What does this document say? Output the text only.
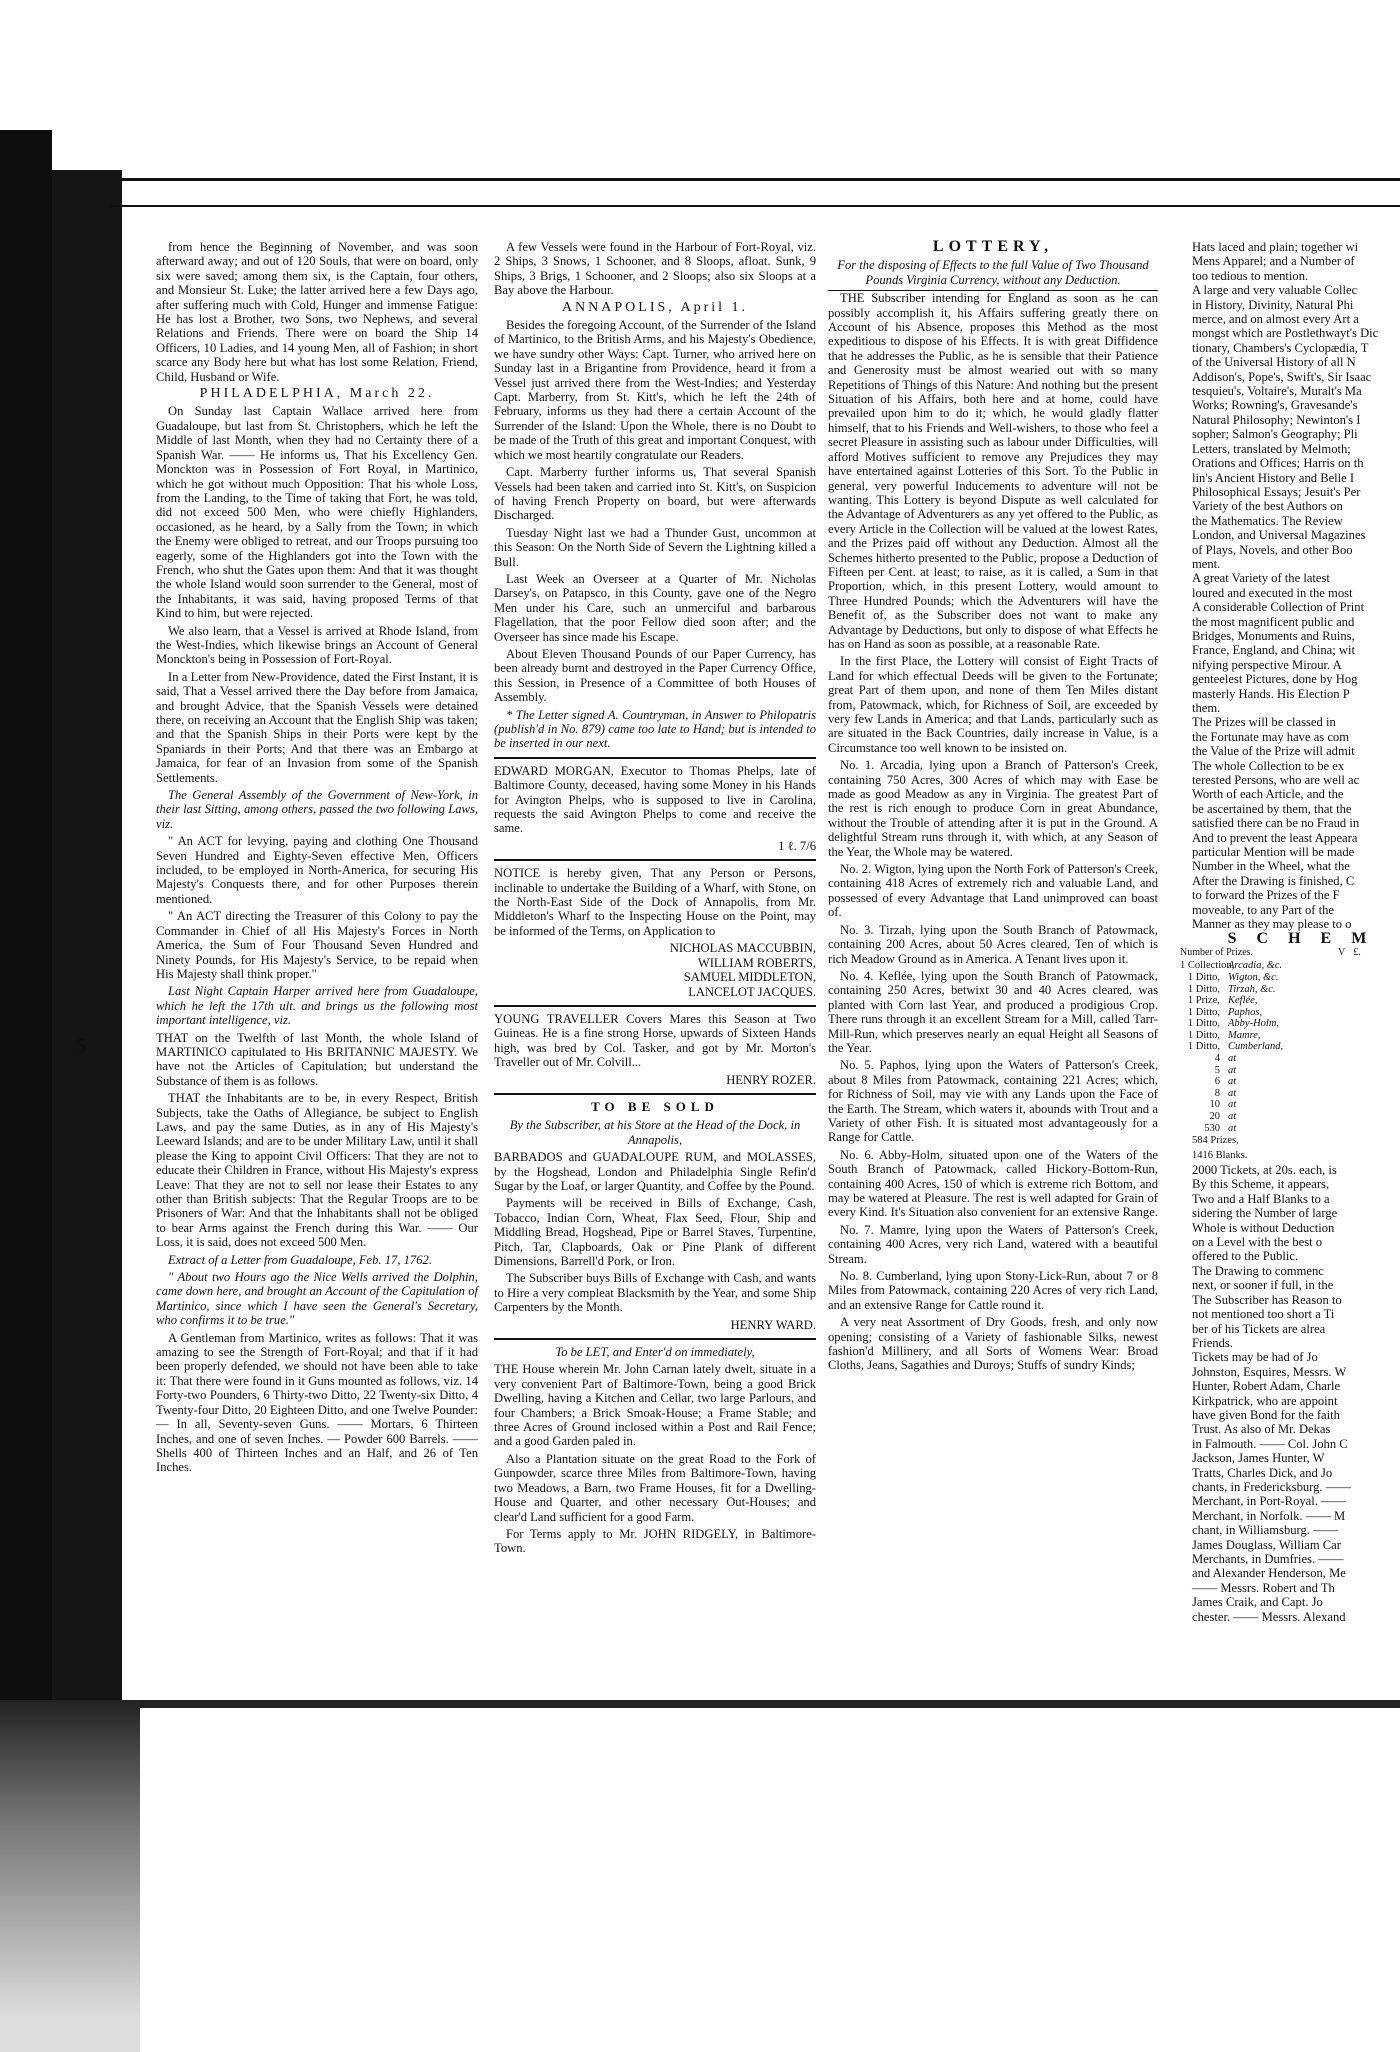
from hence the Beginning of November, and was soon afterward away; and out of 120 Souls, that were on board, only six were saved; among them six, is the Captain, four others, and Monsieur St. Luke; the latter arrived here a few Days ago, after suffering much with Cold, Hunger and immense Fatigue: He has lost a Brother, two Sons, two Nephews, and several Relations and Friends. There were on board the Ship 14 Officers, 10 Ladies, and 14 young Men, all of Fashion; in short scarce any Body here but what has lost some Relation, Friend, Child, Husband or Wife.

PHILADELPHIA, March 22.

On Sunday last Captain Wallace arrived here from Guadaloupe, but last from St. Christophers, which he left the Middle of last Month, when they had no Certainty there of a Spanish War. —— He informs us, That his Excellency Gen. Monckton was in Possession of Fort Royal, in Martinico, which he got without much Opposition: That his whole Loss, from the Landing, to the Time of taking that Fort, he was told, did not exceed 500 Men, who were chiefly Highlanders, occasioned, as he heard, by a Sally from the Town; in which the Enemy were obliged to retreat, and our Troops pursuing too eagerly, some of the Highlanders got into the Town with the French, who shut the Gates upon them: And that it was thought the whole Island would soon surrender to the General, most of the Inhabitants, it was said, having proposed Terms of that Kind to him, but were rejected.

We also learn, that a Vessel is arrived at Rhode Island, from the West-Indies, which likewise brings an Account of General Monckton's being in Possession of Fort-Royal.

In a Letter from New-Providence, dated the First Instant, it is said, That a Vessel arrived there the Day before from Jamaica, and brought Advice, that the Spanish Vessels were detained there, on receiving an Account that the English Ship was taken; and that the Spanish Ships in their Ports were kept by the Spaniards in their Ports; And that there was an Embargo at Jamaica, for fear of an Invasion from some of the Spanish Settlements.

The General Assembly of the Government of New-York, in their last Sitting, among others, passed the two following Laws, viz.

" An ACT for levying, paying and clothing One Thousand Seven Hundred and Eighty-Seven effective Men, Officers included, to be employed in North-America, for securing His Majesty's Conquests there, and for other Purposes therein mentioned.

" An ACT directing the Treasurer of this Colony to pay the Commander in Chief of all His Majesty's Forces in North America, the Sum of Four Thousand Seven Hundred and Ninety Pounds, for His Majesty's Service, to be repaid when His Majesty shall think proper."

Last Night Captain Harper arrived here from Guadaloupe, which he left the 17th ult. and brings us the following most important intelligence, viz.

THAT on the Twelfth of last Month, the whole Island of MARTINICO capitulated to His BRITANNIC MAJESTY. We have not the Articles of Capitulation; but understand the Substance of them is as follows.

THAT the Inhabitants are to be, in every Respect, British Subjects, take the Oaths of Allegiance, be subject to English Laws, and pay the same Duties, as in any of His Majesty's Leeward Islands; and are to be under Military Law, until it shall please the King to appoint Civil Officers: That they are not to educate their Children in France, without His Majesty's express Leave: That they are not to sell nor lease their Estates to any other than British subjects: That the Regular Troops are to be Prisoners of War: And that the Inhabitants shall not be obliged to bear Arms against the French during this War. —— Our Loss, it is said, does not exceed 500 Men.

Extract of a Letter from Guadaloupe, Feb. 17, 1762.

" About two Hours ago the Nice Wells arrived the Dolphin, came down here, and brought an Account of the Capitulation of Martinico, since which I have seen the General's Secretary, who confirms it to be true."

A Gentleman from Martinico, writes as follows: That it was amazing to see the Strength of Fort-Royal; and that if it had been properly defended, we should not have been able to take it: That there were found in it Guns mounted as follows, viz. 14 Forty-two Pounders, 6 Thirty-two Ditto, 22 Twenty-six Ditto, 4 Twenty-four Ditto, 20 Eighteen Ditto, and one Twelve Pounder: — In all, Seventy-seven Guns. —— Mortars, 6 Thirteen Inches, and one of seven Inches. — Powder 600 Barrels. —— Shells 400 of Thirteen Inches and an Half, and 26 of Ten Inches.

A few Vessels were found in the Harbour of Fort-Royal, viz. 2 Ships, 3 Snows, 1 Schooner, and 8 Sloops, afloat. Sunk, 9 Ships, 3 Brigs, 1 Schooner, and 2 Sloops; also six Sloops at a Bay above the Harbour.

ANNAPOLIS, April 1.

Besides the foregoing Account, of the Surrender of the Island of Martinico, to the British Arms, and his Majesty's Obedience, we have sundry other Ways: Capt. Turner, who arrived here on Sunday last in a Brigantine from Providence, heard it from a Vessel just arrived there from the West-Indies; and Yesterday Capt. Marberry, from St. Kitt's, which he left the 24th of February, informs us they had there a certain Account of the Surrender of the Island: Upon the Whole, there is no Doubt to be made of the Truth of this great and important Conquest, with which we most heartily congratulate our Readers.

Capt. Marberry further informs us, That several Spanish Vessels had been taken and carried into St. Kitt's, on Suspicion of having French Property on board, but were afterwards Discharged.

Tuesday Night last we had a Thunder Gust, uncommon at this Season: On the North Side of Severn the Lightning killed a Bull.

Last Week an Overseer at a Quarter of Mr. Nicholas Darsey's, on Patapsco, in this County, gave one of the Negro Men under his Care, such an unmerciful and barbarous Flagellation, that the poor Fellow died soon after; and the Overseer has since made his Escape.

About Eleven Thousand Pounds of our Paper Currency, has been already burnt and destroyed in the Paper Currency Office, this Session, in Presence of a Committee of both Houses of Assembly.

* The Letter signed A. Countryman, in Answer to Philopatris (publish'd in No. 879) came too late to Hand; but is intended to be inserted in our next.

EDWARD MORGAN, Executor to Thomas Phelps, late of Baltimore County, deceased, having some Money in his Hands for Avington Phelps, who is supposed to live in Carolina, requests the said Avington Phelps to come and receive the same.

1 ℓ. 7/6

NOTICE is hereby given, That any Person or Persons, inclinable to undertake the Building of a Wharf, with Stone, on the North-East Side of the Dock of Annapolis, from Mr. Middleton's Wharf to the Inspecting House on the Point, may be informed of the Terms, on Application to

NICHOLAS MACCUBBIN,

WILLIAM ROBERTS,

SAMUEL MIDDLETON,

LANCELOT JACQUES.

YOUNG TRAVELLER Covers Mares this Season at Two Guineas. He is a fine strong Horse, upwards of Sixteen Hands high, was bred by Col. Tasker, and got by Mr. Morton's Traveller out of Mr. Colvill...

HENRY ROZER.

TO BE SOLD

By the Subscriber, at his Store at the Head of the Dock, in Annapolis,

BARBADOS and GUADALOUPE RUM, and MOLASSES, by the Hogshead, London and Philadelphia Single Refin'd Sugar by the Loaf, or larger Quantity, and Coffee by the Pound.

Payments will be received in Bills of Exchange, Cash, Tobacco, Indian Corn, Wheat, Flax Seed, Flour, Ship and Middling Bread, Hogshead, Pipe or Barrel Staves, Turpentine, Pitch, Tar, Clapboards, Oak or Pine Plank of different Dimensions, Barrell'd Pork, or Iron.

The Subscriber buys Bills of Exchange with Cash, and wants to Hire a very compleat Blacksmith by the Year, and some Ship Carpenters by the Month.

HENRY WARD.

To be LET, and Enter'd on immediately,

THE House wherein Mr. John Carnan lately dwelt, situate in a very convenient Part of Baltimore-Town, being a good Brick Dwelling, having a Kitchen and Cellar, two large Parlours, and four Chambers; a Brick Smoak-House; a Frame Stable; and three Acres of Ground inclosed within a Post and Rail Fence; and a good Garden paled in.

Also a Plantation situate on the great Road to the Fork of Gunpowder, scarce three Miles from Baltimore-Town, having two Meadows, a Barn, two Frame Houses, fit for a Dwelling-House and Quarter, and other necessary Out-Houses; and clear'd Land sufficient for a good Farm.

For Terms apply to Mr. JOHN RIDGELY, in Baltimore-Town.

LOTTERY,

For the disposing of Effects to the full Value of Two Thousand Pounds Virginia Currency, without any Deduction.

THE Subscriber intending for England as soon as he can possibly accomplish it, his Affairs suffering greatly there on Account of his Absence, proposes this Method as the most expeditious to dispose of his Effects. It is with great Diffidence that he addresses the Public, as he is sensible that their Patience and Generosity must be almost wearied out with so many Repetitions of Things of this Nature: And nothing but the present Situation of his Affairs, both here and at home, could have prevailed upon him to do it; which, he would gladly flatter himself, that to his Friends and Well-wishers, to those who feel a secret Pleasure in assisting such as labour under Difficulties, will afford Motives sufficient to remove any Prejudices they may have entertained against Lotteries of this Sort. To the Public in general, very powerful Inducements to adventure will not be wanting. This Lottery is beyond Dispute as well calculated for the Advantage of Adventurers as any yet offered to the Public, as every Article in the Collection will be valued at the lowest Rates, and the Prizes paid off without any Deduction. Almost all the Schemes hitherto presented to the Public, propose a Deduction of Fifteen per Cent. at least; to raise, as it is called, a Sum in that Proportion, which, in this present Lottery, would amount to Three Hundred Pounds; which the Adventurers will have the Benefit of, as the Subscriber does not want to make any Advantage by Deductions, but only to dispose of what Effects he has on Hand as soon as possible, at a reasonable Rate.

In the first Place, the Lottery will consist of Eight Tracts of Land for which effectual Deeds will be given to the Fortunate; great Part of them upon, and none of them Ten Miles distant from, Patowmack, which, for Richness of Soil, are exceeded by very few Lands in America; and that Lands, particularly such as are situated in the Back Countries, daily increase in Value, is a Circumstance too well known to be insisted on.

No. 1. Arcadia, lying upon a Branch of Patterson's Creek, containing 750 Acres, 300 Acres of which may with Ease be made as good Meadow as any in Virginia. The greatest Part of the rest is rich enough to produce Corn in great Abundance, without the Trouble of attending after it is put in the Ground. A delightful Stream runs through it, with which, at any Season of the Year, the Whole may be watered.

No. 2. Wigton, lying upon the North Fork of Patterson's Creek, containing 418 Acres of extremely rich and valuable Land, and possessed of every Advantage that Land unimproved can boast of.

No. 3. Tirzah, lying upon the South Branch of Patowmack, containing 200 Acres, about 50 Acres cleared, Ten of which is rich Meadow Ground as in America. A Tenant lives upon it.

No. 4. Keflée, lying upon the South Branch of Patowmack, containing 250 Acres, betwixt 30 and 40 Acres cleared, was planted with Corn last Year, and produced a prodigious Crop. There runs through it an excellent Stream for a Mill, called Tarr-Mill-Run, which preserves nearly an equal Height all Seasons of the Year.

No. 5. Paphos, lying upon the Waters of Patterson's Creek, about 8 Miles from Patowmack, containing 221 Acres; which, for Richness of Soil, may vie with any Lands upon the Face of the Earth. The Stream, which waters it, abounds with Trout and a Variety of other Fish. It is situated most advantageously for a Range for Cattle.

No. 6. Abby-Holm, situated upon one of the Waters of the South Branch of Patowmack, called Hickory-Bottom-Run, containing 400 Acres, 150 of which is extreme rich Bottom, and may be watered at Pleasure. The rest is well adapted for Grain of every Kind. It's Situation also convenient for an extensive Range.

No. 7. Mamre, lying upon the Waters of Patterson's Creek, containing 400 Acres, very rich Land, watered with a beautiful Stream.

No. 8. Cumberland, lying upon Stony-Lick-Run, about 7 or 8 Miles from Patowmack, containing 220 Acres of very rich Land, and an extensive Range for Cattle round it.

A very neat Assortment of Dry Goods, fresh, and only now opening; consisting of a Variety of fashionable Silks, newest fashion'd Millinery, and all Sorts of Womens Wear: Broad Cloths, Jeans, Sagathies and Duroys; Stuffs of sundry Kinds;

Hats laced and plain; together wi

Mens Apparel; and a Number of

too tedious to mention.

A large and very valuable Collec

in History, Divinity, Natural Phi

merce, and on almost every Art a

mongst which are Postlethwayt's Dic

tionary, Chambers's Cyclopædia, T

of the Universal History of all N

Addison's, Pope's, Swift's, Sir Isaac

tesquieu's, Voltaire's, Muralt's Ma

Works; Rowning's, Gravesande's

Natural Philosophy; Newinton's I

sopher; Salmon's Geography; Pli

Letters, translated by Melmoth;

Orations and Offices; Harris on th

lin's Ancient History and Belle I

Philosophical Essays; Jesuit's Per

Variety of the best Authors on

the Mathematics. The Review

London, and Universal Magazines

of Plays, Novels, and other Boo

ment.

A great Variety of the latest

loured and executed in the most

A considerable Collection of Print

the most magnificent public and

Bridges, Monuments and Ruins,

France, England, and China; wit

nifying perspective Mirour. A

genteelest Pictures, done by Hog

masterly Hands. His Election P

them.

The Prizes will be classed in

the Fortunate may have as com

the Value of the Prize will admit

The whole Collection to be ex

terested Persons, who are well ac

Worth of each Article, and the

be ascertained by them, that the

satisfied there can be no Fraud in

And to prevent the least Appeara

particular Mention will be made

Number in the Wheel, what the

After the Drawing is finished, C

to forward the Prizes of the F

moveable, to any Part of the

Manner as they may please to o

S C H E M

Number of Prizes.	V £.
1 Collection,
Arcadia, &c.
1 Ditto, Wigton, &c.
1 Ditto, Tirzah, &c.
1 Prize, Keflée,
1 Ditto, Paphos,
1 Ditto, Abby-Holm,
1 Ditto, Mamre,
1 Ditto, Cumberland,
4 at
5 at
6 at
8 at
10 at
20 at
530 at

584 Prizes,

1416 Blanks.

2000 Tickets, at 20s. each, is

By this Scheme, it appears,

Two and a Half Blanks to a

sidering the Number of large

Whole is without Deduction

on a Level with the best o

offered to the Public.

The Drawing to commenc

next, or sooner if full, in the

The Subscriber has Reason to

not mentioned too short a Ti

ber of his Tickets are alrea

Friends.

Tickets may be had of Jo

Johnston, Esquires, Messrs. W

Hunter, Robert Adam, Charle

Kirkpatrick, who are appoint

have given Bond for the faith

Trust. As also of Mr. Dekas

in Falmouth. —— Col. John C

Jackson, James Hunter, W

Tratts, Charles Dick, and Jo

chants, in Fredericksburg. ——

Merchant, in Port-Royal. ——

Merchant, in Norfolk. —— M

chant, in Williamsburg. ——

James Douglass, William Car

Merchants, in Dumfries. ——

and Alexander Henderson, Me

—— Messrs. Robert and Th

James Craik, and Capt. Jo

chester. —— Messrs. Alexand

5
